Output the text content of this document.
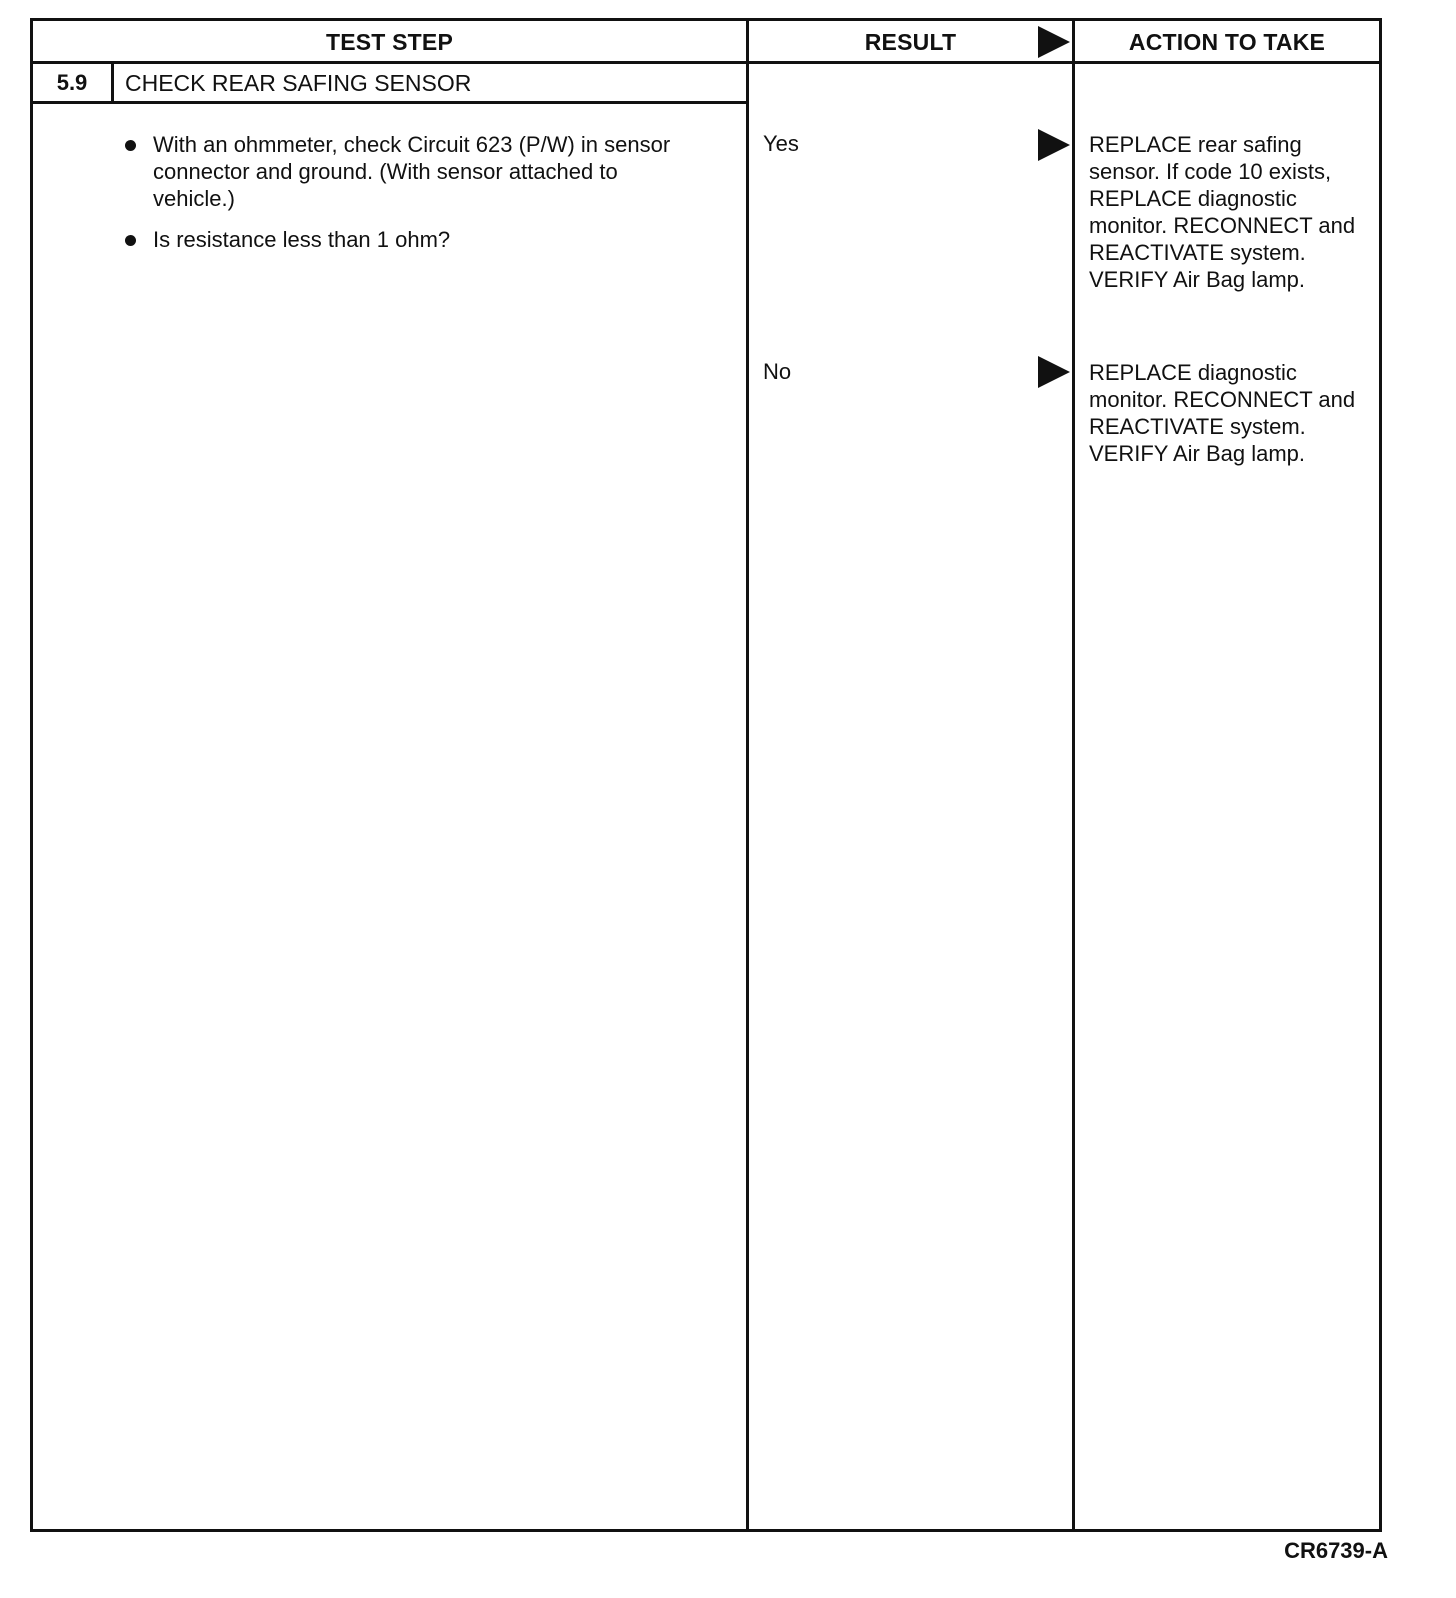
TEST STEP	RESULT	ACTION TO TAKE
5.9	CHECK REAR SAFING SENSOR
With an ohmmeter, check Circuit 623 (P/W) in sensor connector and ground. (With sensor attached to vehicle.)
Is resistance less than 1 ohm?
Yes	REPLACE rear safing sensor. If code 10 exists, REPLACE diagnostic monitor. RECONNECT and REACTIVATE system. VERIFY Air Bag lamp.
No	REPLACE diagnostic monitor. RECONNECT and REACTIVATE system. VERIFY Air Bag lamp.
CR6739-A
